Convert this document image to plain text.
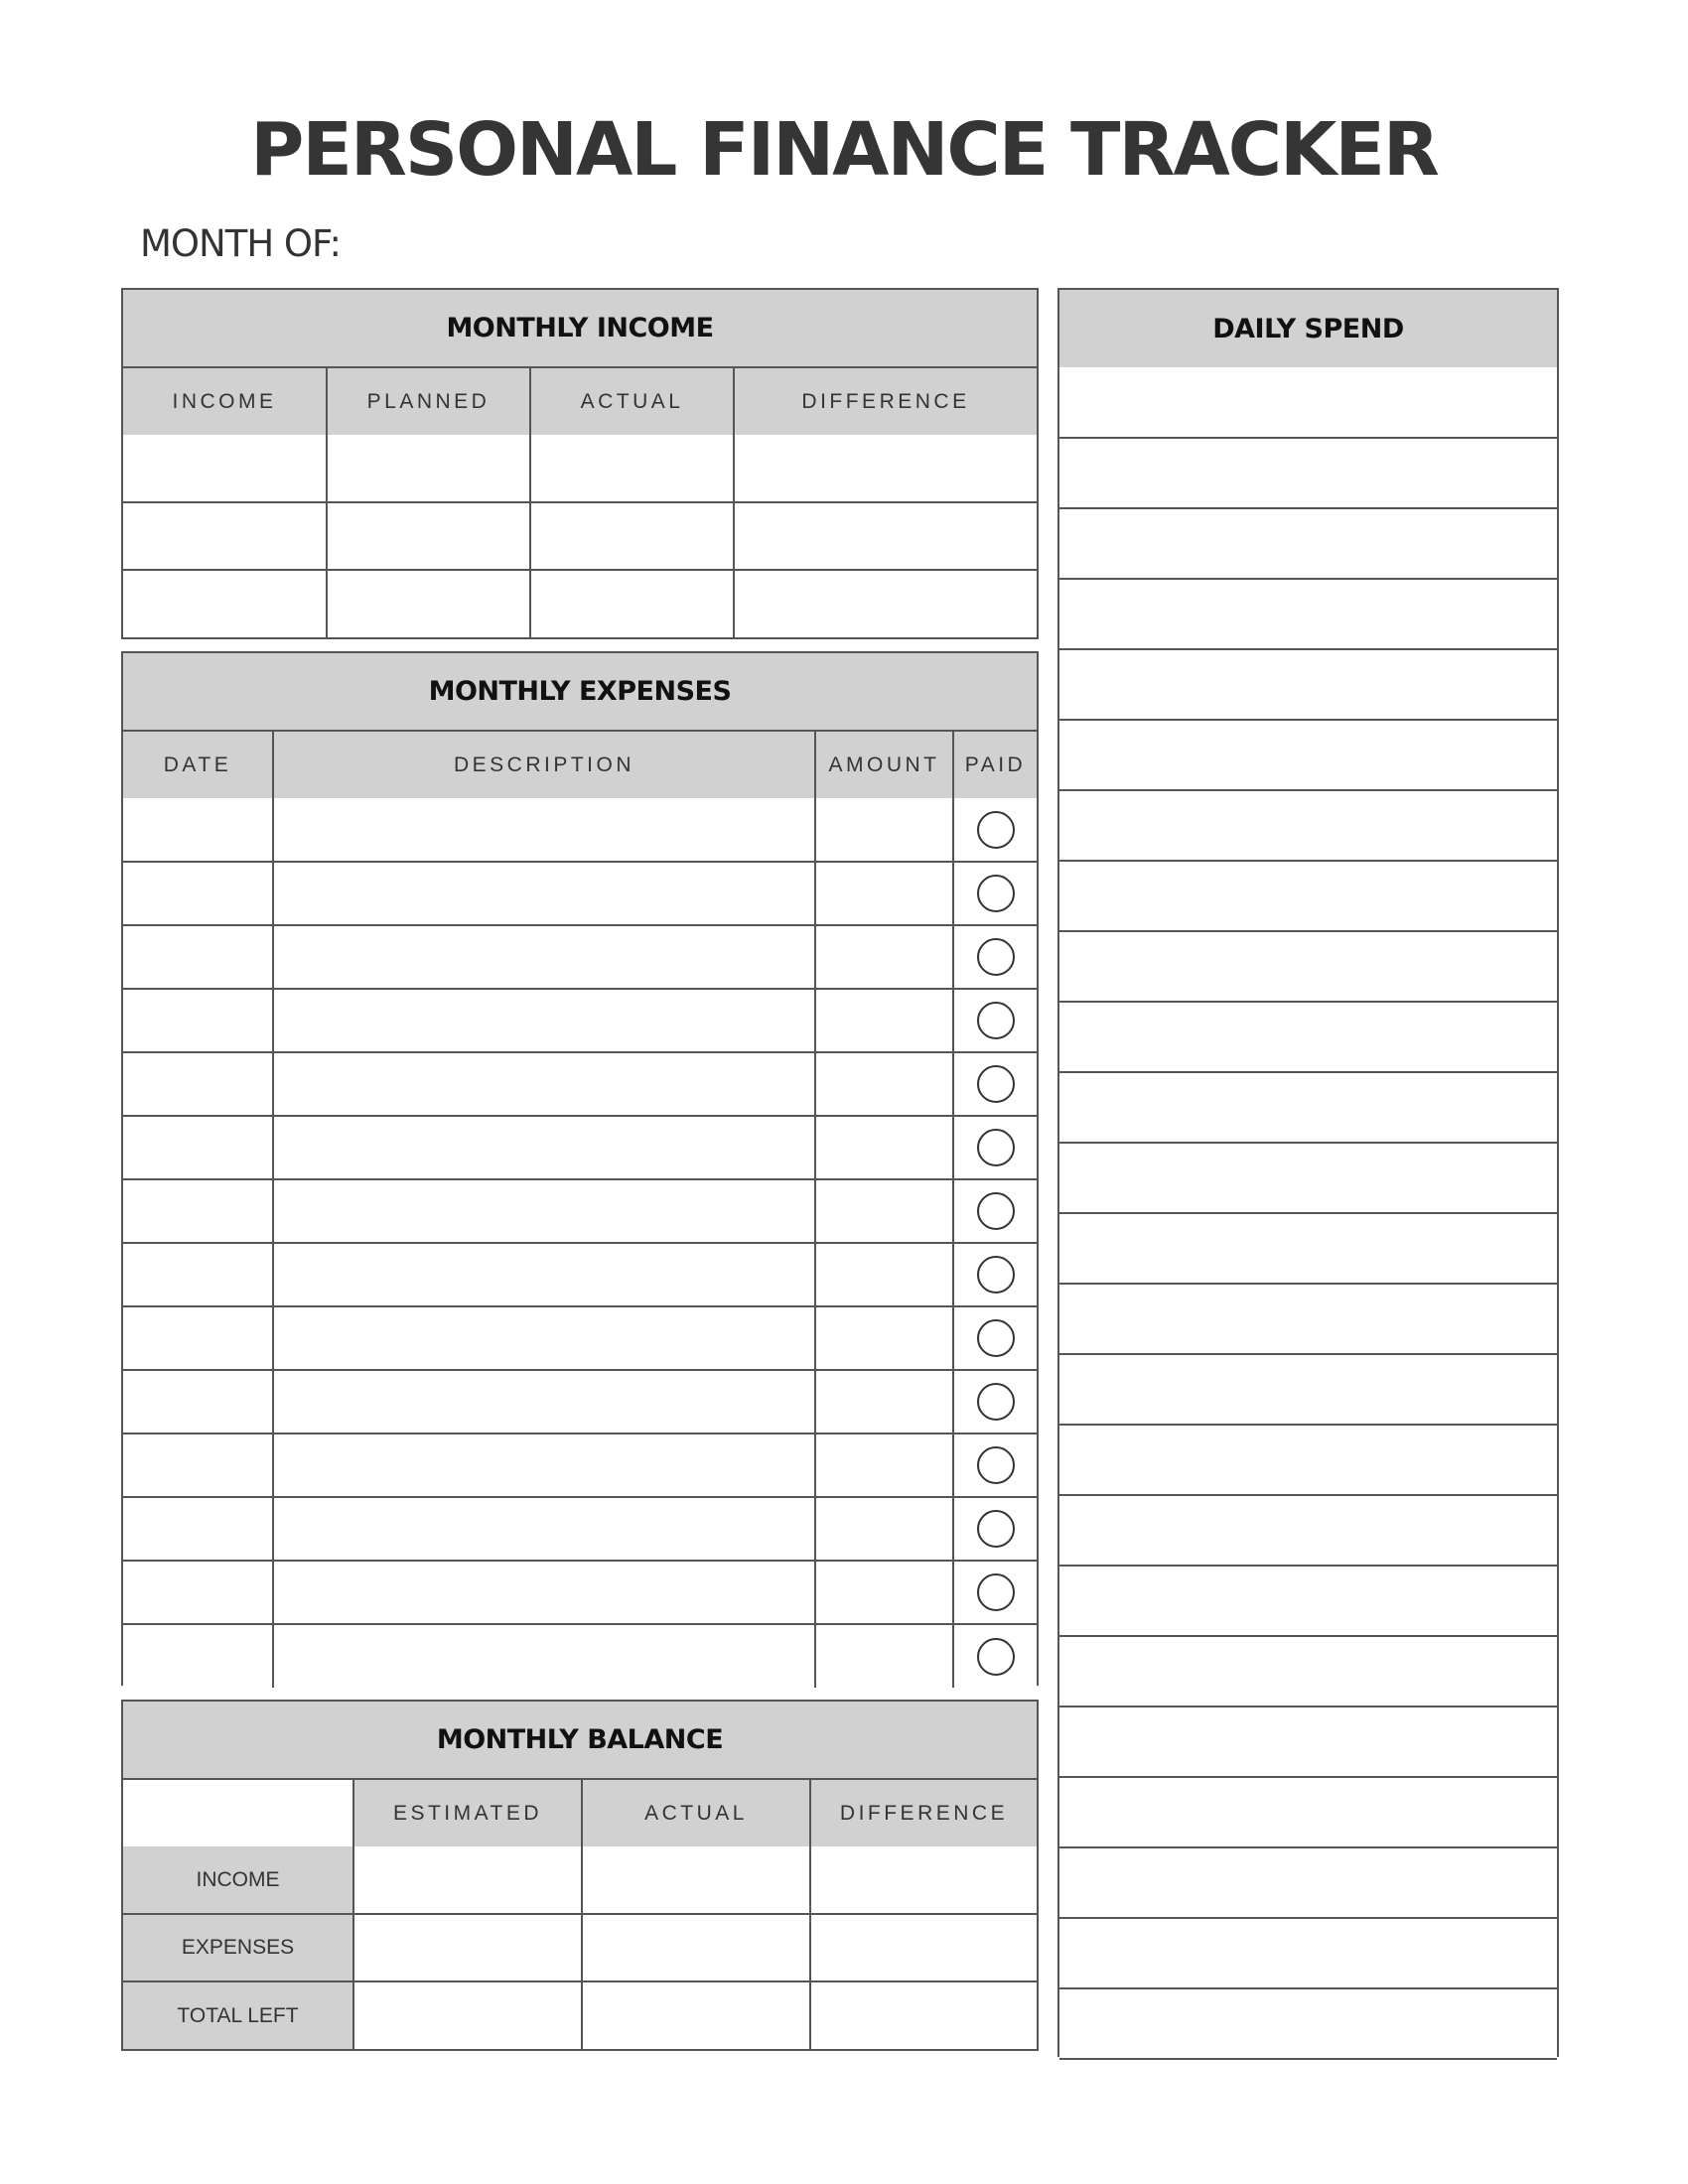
PERSONAL FINANCE TRACKER
MONTH OF:
MONTHLY INCOME			
INCOME	PLANNED	ACTUAL	DIFFERENCE

MONTHLY EXPENSES			
DATE	DESCRIPTION	AMOUNT	PAID

MONTHLY BALANCE			
	ESTIMATED	ACTUAL	DIFFERENCE
INCOME			
EXPENSES			
TOTAL LEFT			
DAILY SPEND
